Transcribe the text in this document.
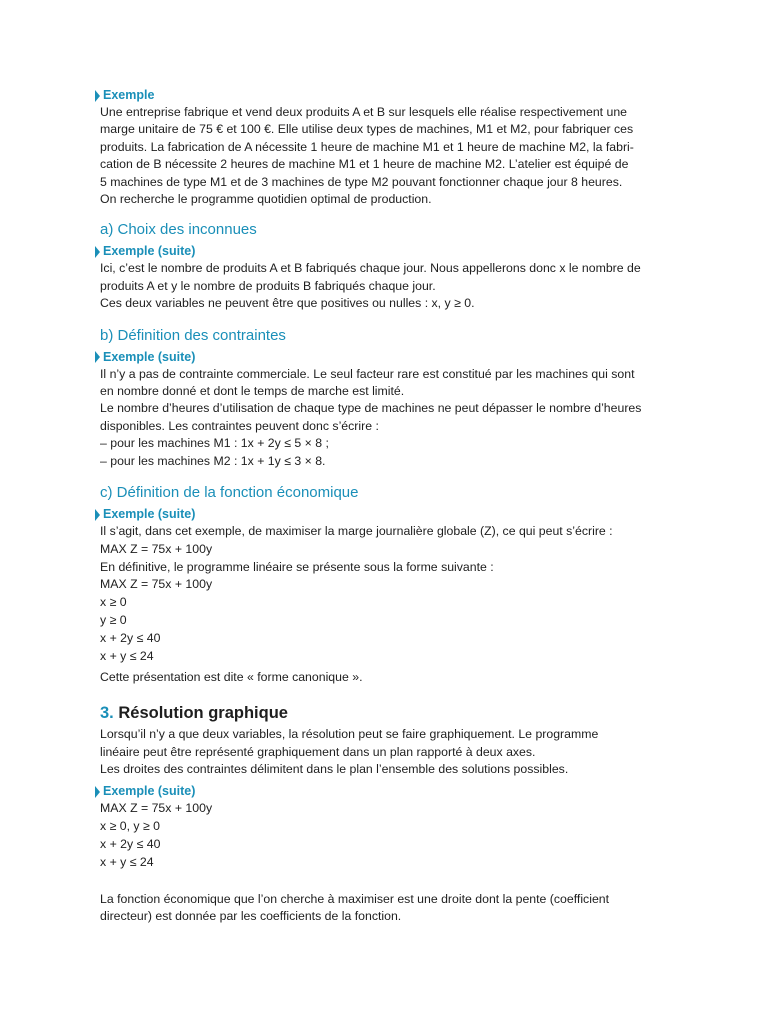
Exemple

Une entreprise fabrique et vend deux produits A et B sur lesquels elle réalise respectivement une

marge unitaire de 75 € et 100 €. Elle utilise deux types de machines, M1 et M2, pour fabriquer ces

produits. La fabrication de A nécessite 1 heure de machine M1 et 1 heure de machine M2, la fabri-

cation de B nécessite 2 heures de machine M1 et 1 heure de machine M2. L’atelier est équipé de

5 machines de type M1 et de 3 machines de type M2 pouvant fonctionner chaque jour 8 heures.

On recherche le programme quotidien optimal de production.

a) Choix des inconnues

Exemple (suite)

Ici, c’est le nombre de produits A et B fabriqués chaque jour. Nous appellerons donc x le nombre de

produits A et y le nombre de produits B fabriqués chaque jour.

Ces deux variables ne peuvent être que positives ou nulles : x, y ≥ 0.

b) Définition des contraintes

Exemple (suite)

Il n’y a pas de contrainte commerciale. Le seul facteur rare est constitué par les machines qui sont

en nombre donné et dont le temps de marche est limité.

Le nombre d’heures d’utilisation de chaque type de machines ne peut dépasser le nombre d’heures

disponibles. Les contraintes peuvent donc s’écrire :

– pour les machines M1 : 1x + 2y ≤ 5 × 8 ;

– pour les machines M2 : 1x + 1y ≤ 3 × 8.

c) Définition de la fonction économique

Exemple (suite)

Il s’agit, dans cet exemple, de maximiser la marge journalière globale (Z), ce qui peut s’écrire :

MAX Z = 75x + 100y

En définitive, le programme linéaire se présente sous la forme suivante :

MAX Z = 75x + 100y

x ≥ 0

y ≥ 0

x + 2y ≤ 40

x + y ≤ 24

Cette présentation est dite « forme canonique ».

3. Résolution graphique

Lorsqu’il n’y a que deux variables, la résolution peut se faire graphiquement. Le programme

linéaire peut être représenté graphiquement dans un plan rapporté à deux axes.

Les droites des contraintes délimitent dans le plan l’ensemble des solutions possibles.

Exemple (suite)

MAX Z = 75x + 100y

x ≥ 0, y ≥ 0

x + 2y ≤ 40

x + y ≤ 24

La fonction économique que l’on cherche à maximiser est une droite dont la pente (coefficient

directeur) est donnée par les coefficients de la fonction.
